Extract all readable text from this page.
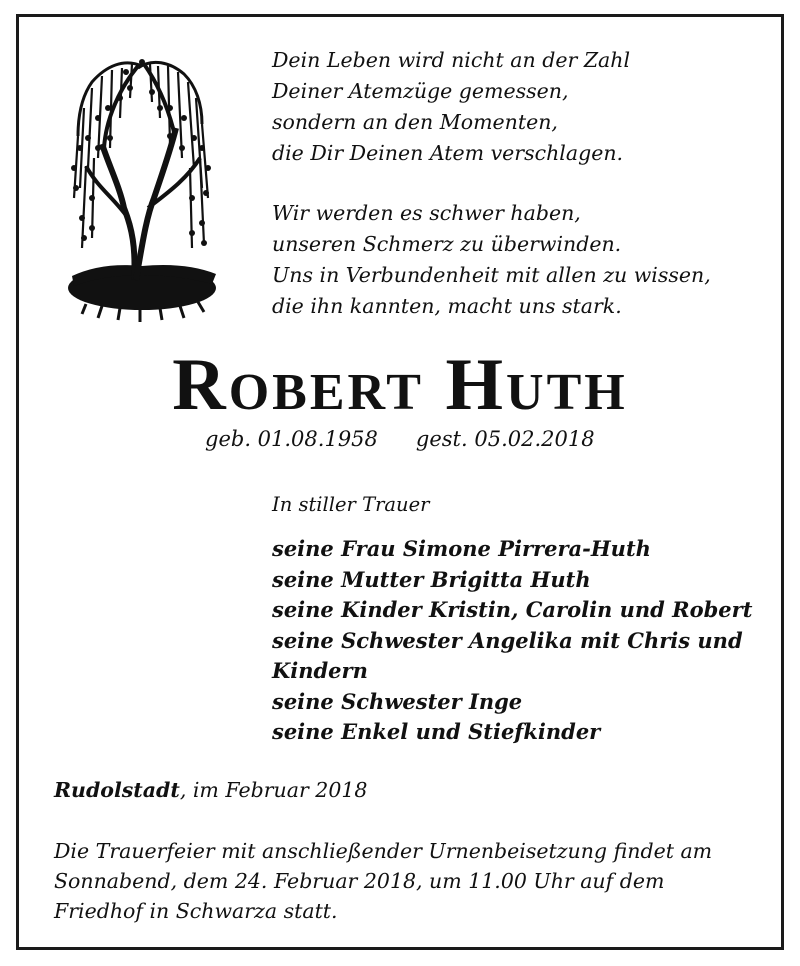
Dein Leben wird nicht an der Zahl
Deiner Atemzüge gemessen,
sondern an den Momenten,
die Dir Deinen Atem verschlagen.

Wir werden es schwer haben,
unseren Schmerz zu überwinden.
Uns in Verbundenheit mit allen zu wissen,
die ihn kannten, macht uns stark.

Robert Huth
geb. 01.08.1958 gest. 05.02.2018
In stiller Trauer
seine Frau Simone Pirrera-Huth
seine Mutter Brigitta Huth
seine Kinder Kristin, Carolin und Robert
seine Schwester Angelika mit Chris und Kindern
seine Schwester Inge
seine Enkel und Stiefkinder
Rudolstadt, im Februar 2018

Die Trauerfeier mit anschließender Urnenbeisetzung findet am
Sonnabend, dem 24. Februar 2018, um 11.00 Uhr auf dem
Friedhof in Schwarza statt.
